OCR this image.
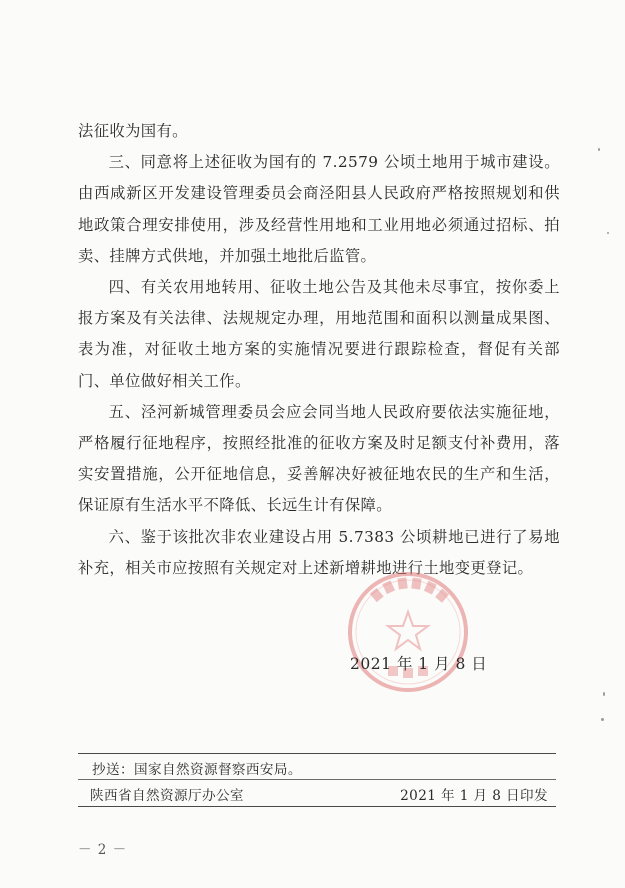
法征收为国有。

三、同意将上述征收为国有的 7.2579 公顷土地用于城市建设。由西咸新区开发建设管理委员会商泾阳县人民政府严格按照规划和供地政策合理安排使用，涉及经营性用地和工业用地必须通过招标、拍卖、挂牌方式供地，并加强土地批后监管。

四、有关农用地转用、征收土地公告及其他未尽事宜，按你委上报方案及有关法律、法规规定办理，用地范围和面积以测量成果图、表为准，对征收土地方案的实施情况要进行跟踪检查，督促有关部门、单位做好相关工作。

五、泾河新城管理委员会应会同当地人民政府要依法实施征地，严格履行征地程序，按照经批准的征收方案及时足额支付补费用，落实安置措施，公开征地信息，妥善解决好被征地农民的生产和生活，保证原有生活水平不降低、长远生计有保障。

六、鉴于该批次非农业建设占用 5.7383 公顷耕地已进行了易地补充，相关市应按照有关规定对上述新增耕地进行土地变更登记。

2021 年 1 月 8 日
抄送：国家自然资源督察西安局。
陕西省自然资源厅办公室	2021 年 1 月 8 日印发
－ 2 －
